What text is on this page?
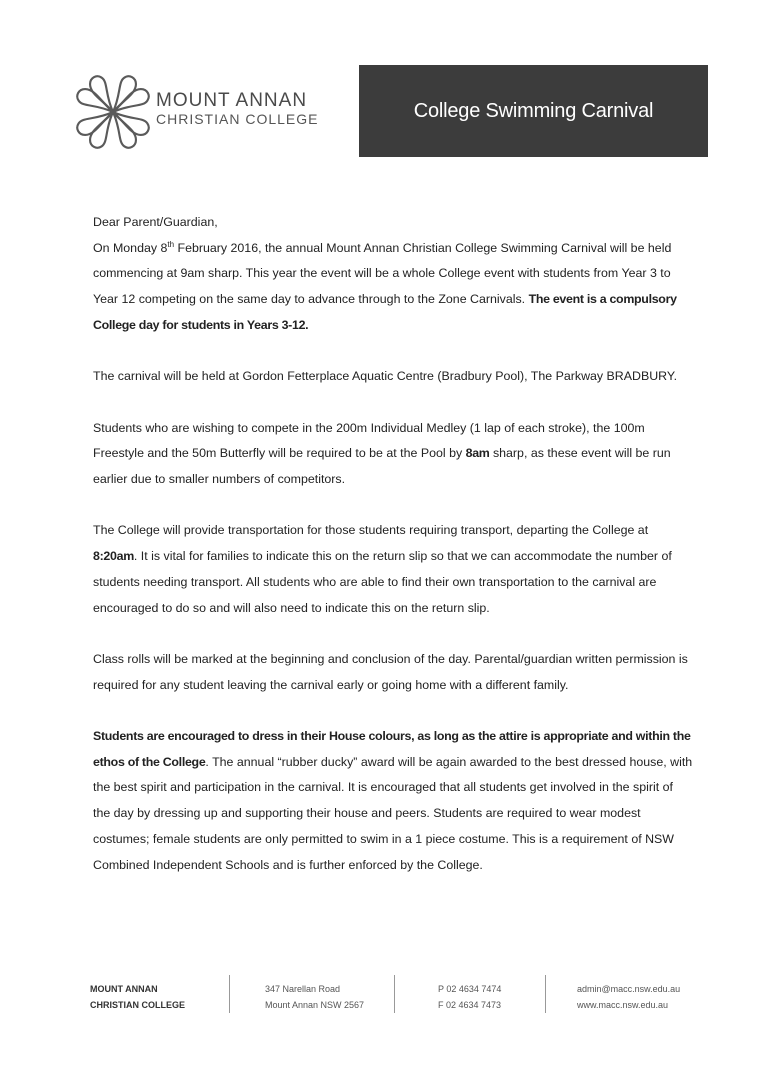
MOUNT ANNAN
CHRISTIAN COLLEGE	College Swimming Carnival

Dear Parent/Guardian,

On Monday 8th February 2016, the annual Mount Annan Christian College Swimming Carnival will be held commencing at 9am sharp. This year the event will be a whole College event with students from Year 3 to Year 12 competing on the same day to advance through to the Zone Carnivals. The event is a compulsory College day for students in Years 3-12.

The carnival will be held at Gordon Fetterplace Aquatic Centre (Bradbury Pool), The Parkway BRADBURY.

Students who are wishing to compete in the 200m Individual Medley (1 lap of each stroke), the 100m Freestyle and the 50m Butterfly will be required to be at the Pool by 8am sharp, as these event will be run earlier due to smaller numbers of competitors.

The College will provide transportation for those students requiring transport, departing the College at 8:20am. It is vital for families to indicate this on the return slip so that we can accommodate the number of students needing transport. All students who are able to find their own transportation to the carnival are encouraged to do so and will also need to indicate this on the return slip.

Class rolls will be marked at the beginning and conclusion of the day. Parental/guardian written permission is required for any student leaving the carnival early or going home with a different family.

Students are encouraged to dress in their House colours, as long as the attire is appropriate and within the ethos of the College. The annual “rubber ducky” award will be again awarded to the best dressed house, with the best spirit and participation in the carnival. It is encouraged that all students get involved in the spirit of the day by dressing up and supporting their house and peers. Students are required to wear modest costumes; female students are only permitted to swim in a 1 piece costume. This is a requirement of NSW Combined Independent Schools and is further enforced by the College.

MOUNT ANNAN
CHRISTIAN COLLEGE
347 Narellan Road
Mount Annan NSW 2567
P 02 4634 7474
F 02 4634 7473
admin@macc.nsw.edu.au
www.macc.nsw.edu.au
